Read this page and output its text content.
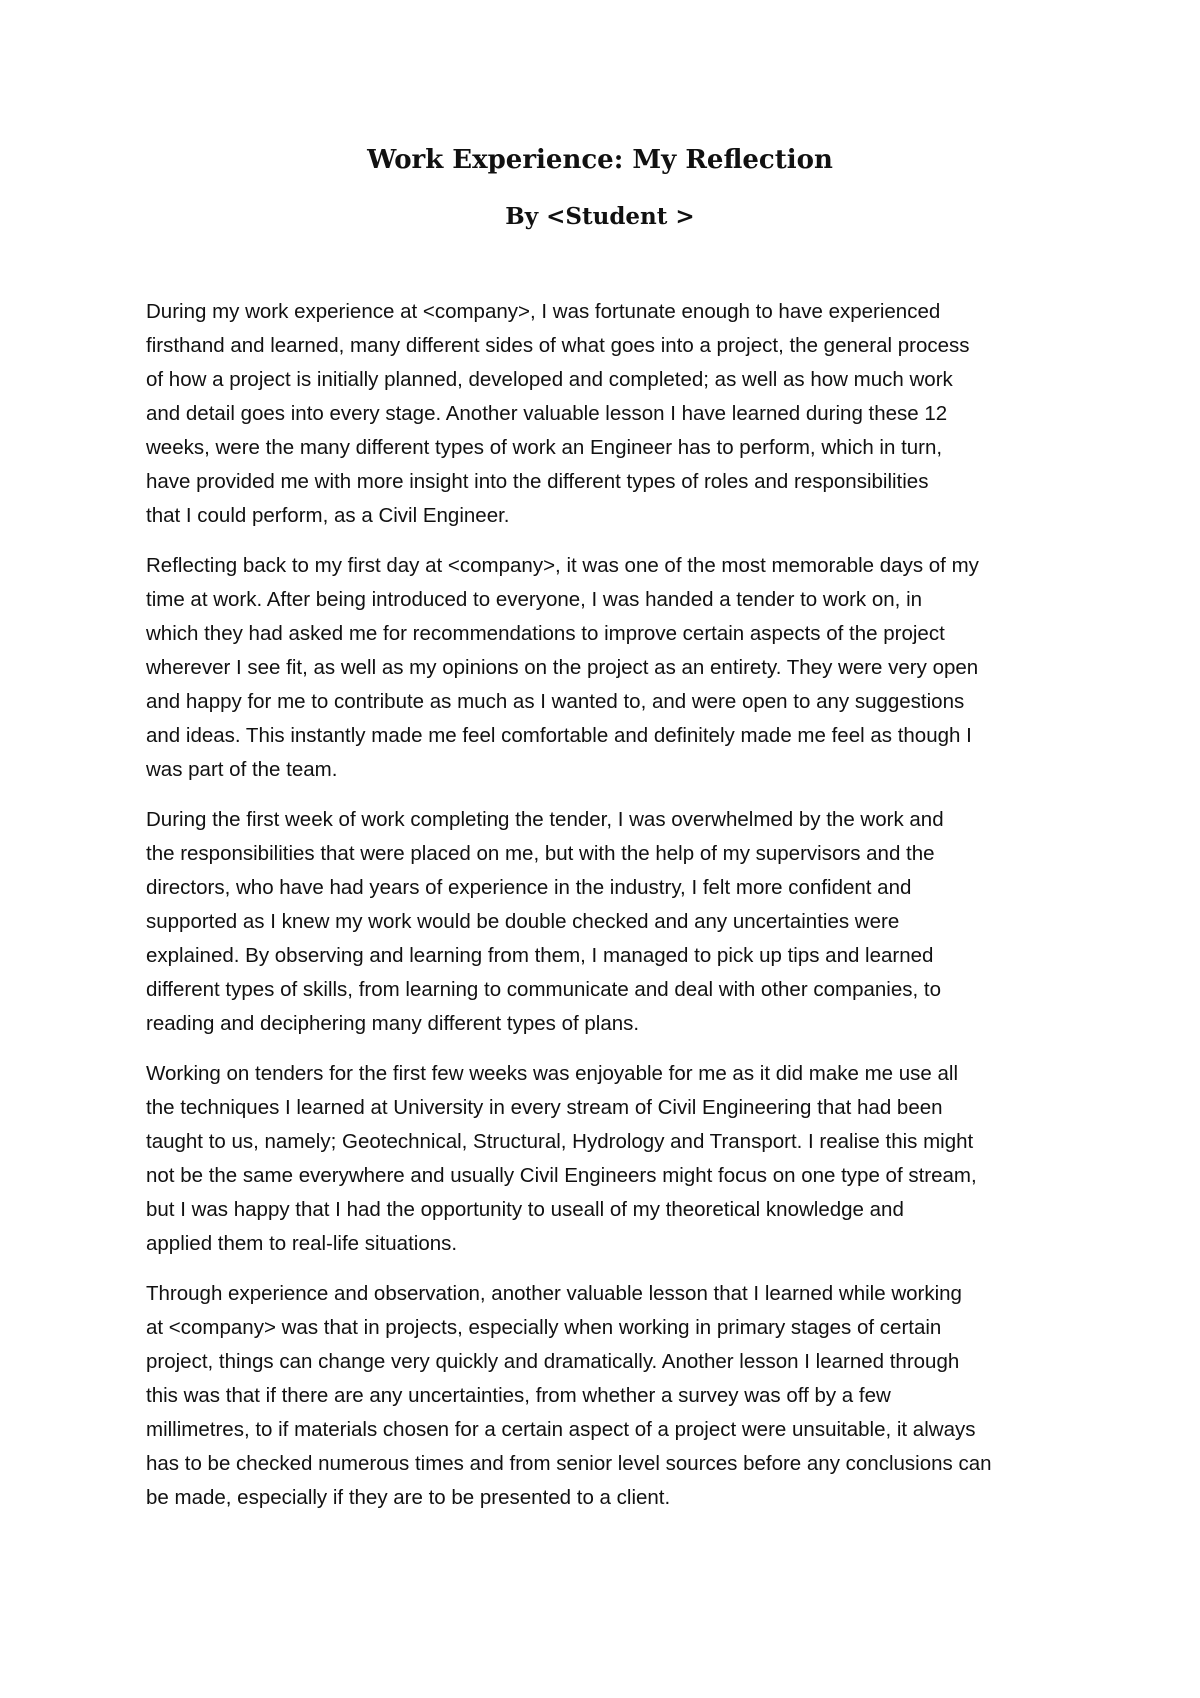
Work Experience: My Reflection
By <Student >

During my work experience at <company>, I was fortunate enough to have experienced
firsthand and learned, many different sides of what goes into a project, the general process
of how a project is initially planned, developed and completed; as well as how much work
and detail goes into every stage. Another valuable lesson I have learned during these 12
weeks, were the many different types of work an Engineer has to perform, which in turn,
have provided me with more insight into the different types of roles and responsibilities
that I could perform, as a Civil Engineer.

Reflecting back to my first day at <company>, it was one of the most memorable days of my
time at work. After being introduced to everyone, I was handed a tender to work on, in
which they had asked me for recommendations to improve certain aspects of the project
wherever I see fit, as well as my opinions on the project as an entirety. They were very open
and happy for me to contribute as much as I wanted to, and were open to any suggestions
and ideas. This instantly made me feel comfortable and definitely made me feel as though I
was part of the team.

During the first week of work completing the tender, I was overwhelmed by the work and
the responsibilities that were placed on me, but with the help of my supervisors and the
directors, who have had years of experience in the industry, I felt more confident and
supported as I knew my work would be double checked and any uncertainties were
explained. By observing and learning from them, I managed to pick up tips and learned
different types of skills, from learning to communicate and deal with other companies, to
reading and deciphering many different types of plans.

Working on tenders for the first few weeks was enjoyable for me as it did make me use all
the techniques I learned at University in every stream of Civil Engineering that had been
taught to us, namely; Geotechnical, Structural, Hydrology and Transport. I realise this might
not be the same everywhere and usually Civil Engineers might focus on one type of stream,
but I was happy that I had the opportunity to useall of my theoretical knowledge and
applied them to real-life situations.

Through experience and observation, another valuable lesson that I learned while working
at <company> was that in projects, especially when working in primary stages of certain
project, things can change very quickly and dramatically. Another lesson I learned through
this was that if there are any uncertainties, from whether a survey was off by a few
millimetres, to if materials chosen for a certain aspect of a project were unsuitable, it always
has to be checked numerous times and from senior level sources before any conclusions can
be made, especially if they are to be presented to a client.
